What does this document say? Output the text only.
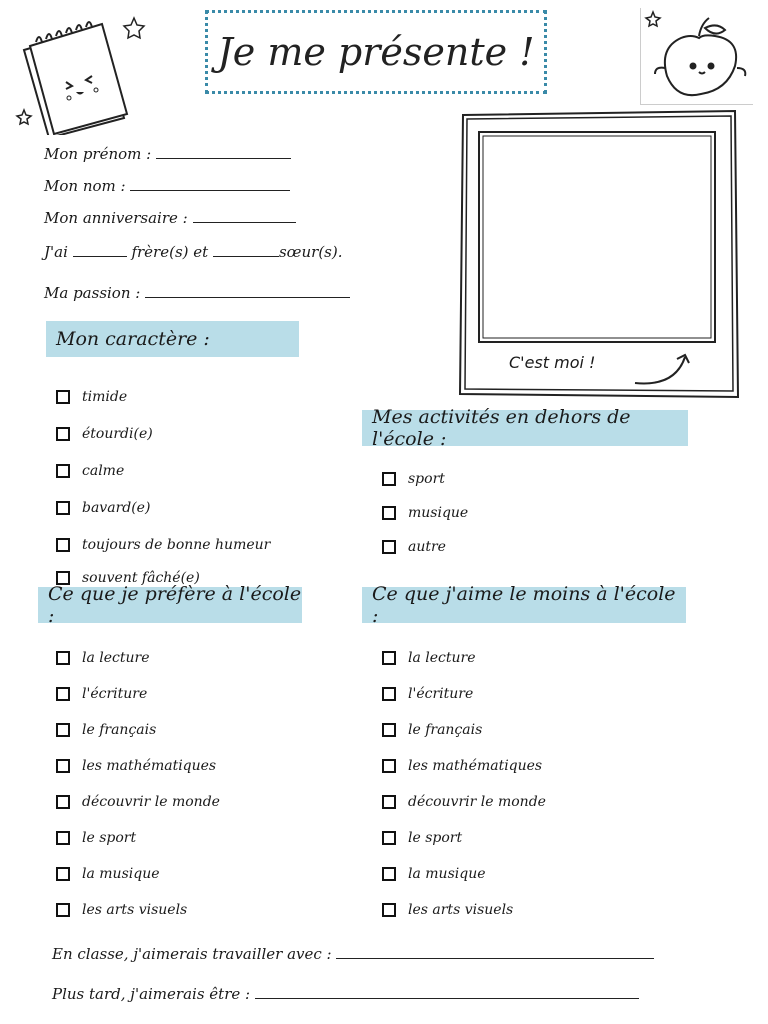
Je me présente !
Mon prénom :
Mon nom :
Mon anniversaire :
J'ai	frère(s) et	sœur(s).
Ma passion :
C'est moi !
Mon caractère :
timide
étourdi(e)
calme
bavard(e)
toujours de bonne humeur
souvent fâché(e)
Mes activités en dehors de l'école :
sport
musique
autre
Ce que je préfère à l'école :
la lecture
l'écriture
le français
les mathématiques
découvrir le monde
le sport
la musique
les arts visuels
Ce que j'aime le moins à l'école :
la lecture
l'écriture
le français
les mathématiques
découvrir le monde
le sport
la musique
les arts visuels
En classe, j'aimerais travailler avec :
Plus tard, j'aimerais être :
